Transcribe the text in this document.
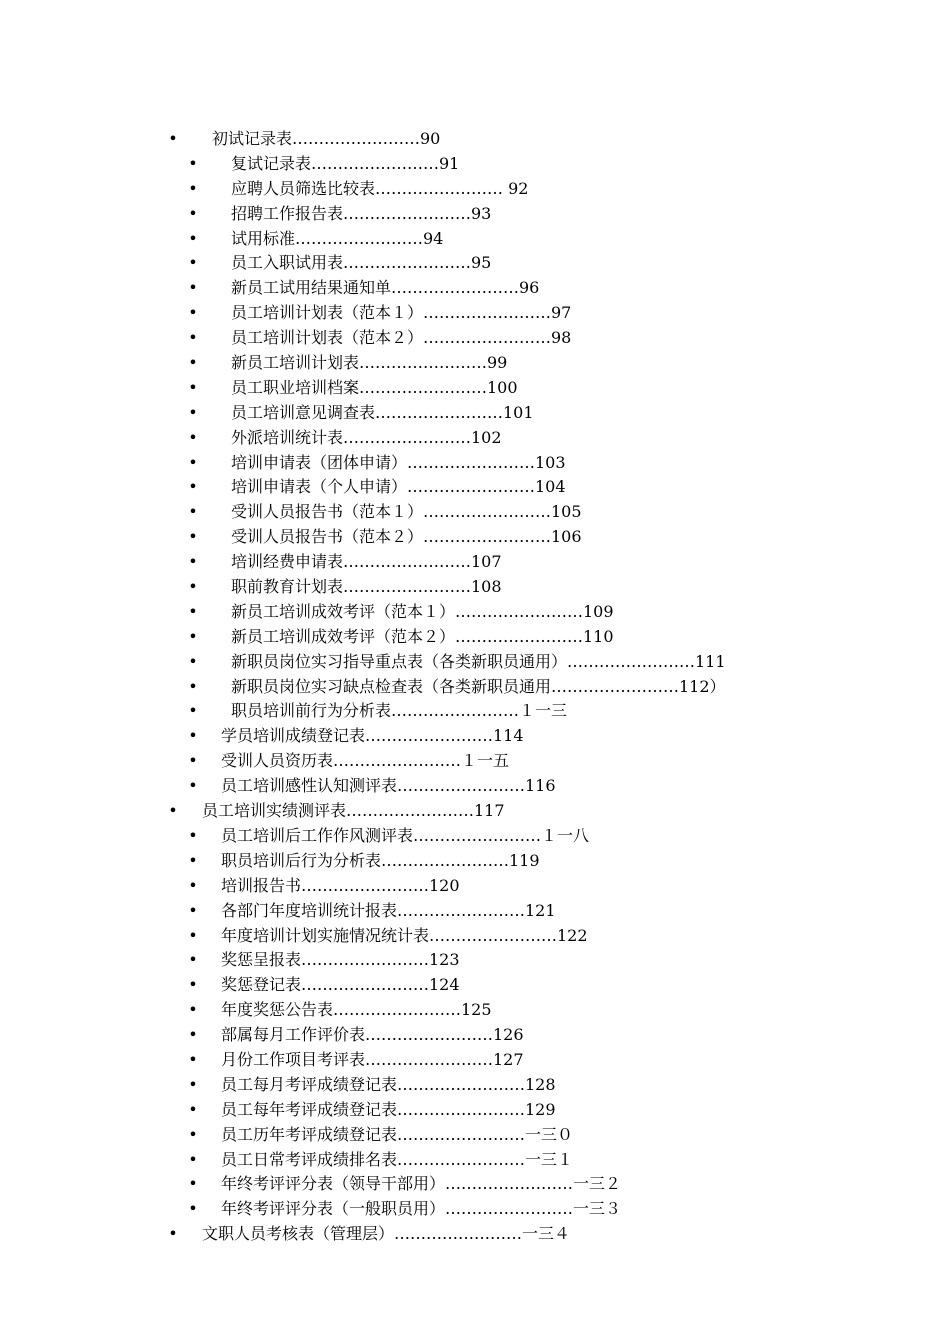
• 初试记录表……………………90
• 复试记录表……………………91
• 应聘人员筛选比较表…………………… 92
• 招聘工作报告表……………………93
• 试用标准……………………94
• 员工入职试用表……………………95
• 新员工试用结果通知单……………………96
• 员工培训计划表（范本１）……………………97
• 员工培训计划表（范本２）……………………98
• 新员工培训计划表……………………99
• 员工职业培训档案……………………100
• 员工培训意见调查表……………………101
• 外派培训统计表……………………102
• 培训申请表（团体申请）……………………103
• 培训申请表（个人申请）……………………104
• 受训人员报告书（范本１）……………………105
• 受训人员报告书（范本２）……………………106
• 培训经费申请表……………………107
• 职前教育计划表……………………108
• 新员工培训成效考评（范本１）……………………109
• 新员工培训成效考评（范本２）……………………110
• 新职员岗位实习指导重点表（各类新职员通用）……………………111
• 新职员岗位实习缺点检查表（各类新职员通用……………………112）
• 职员培训前行为分析表……………………１一三
• 学员培训成绩登记表……………………114
• 受训人员资历表……………………１一五
• 员工培训感性认知测评表……………………116
• 员工培训实绩测评表……………………117
• 员工培训后工作作风测评表……………………１一八
• 职员培训后行为分析表……………………119
• 培训报告书……………………120
• 各部门年度培训统计报表……………………121
• 年度培训计划实施情况统计表……………………122
• 奖惩呈报表……………………123
• 奖惩登记表……………………124
• 年度奖惩公告表……………………125
• 部属每月工作评价表……………………126
• 月份工作项目考评表……………………127
• 员工每月考评成绩登记表……………………128
• 员工每年考评成绩登记表……………………129
• 员工历年考评成绩登记表……………………一三０
• 员工日常考评成绩排名表……………………一三１
• 年终考评评分表（领导干部用）……………………一三２
• 年终考评评分表（一般职员用）……………………一三３
• 文职人员考核表（管理层）……………………一三４
